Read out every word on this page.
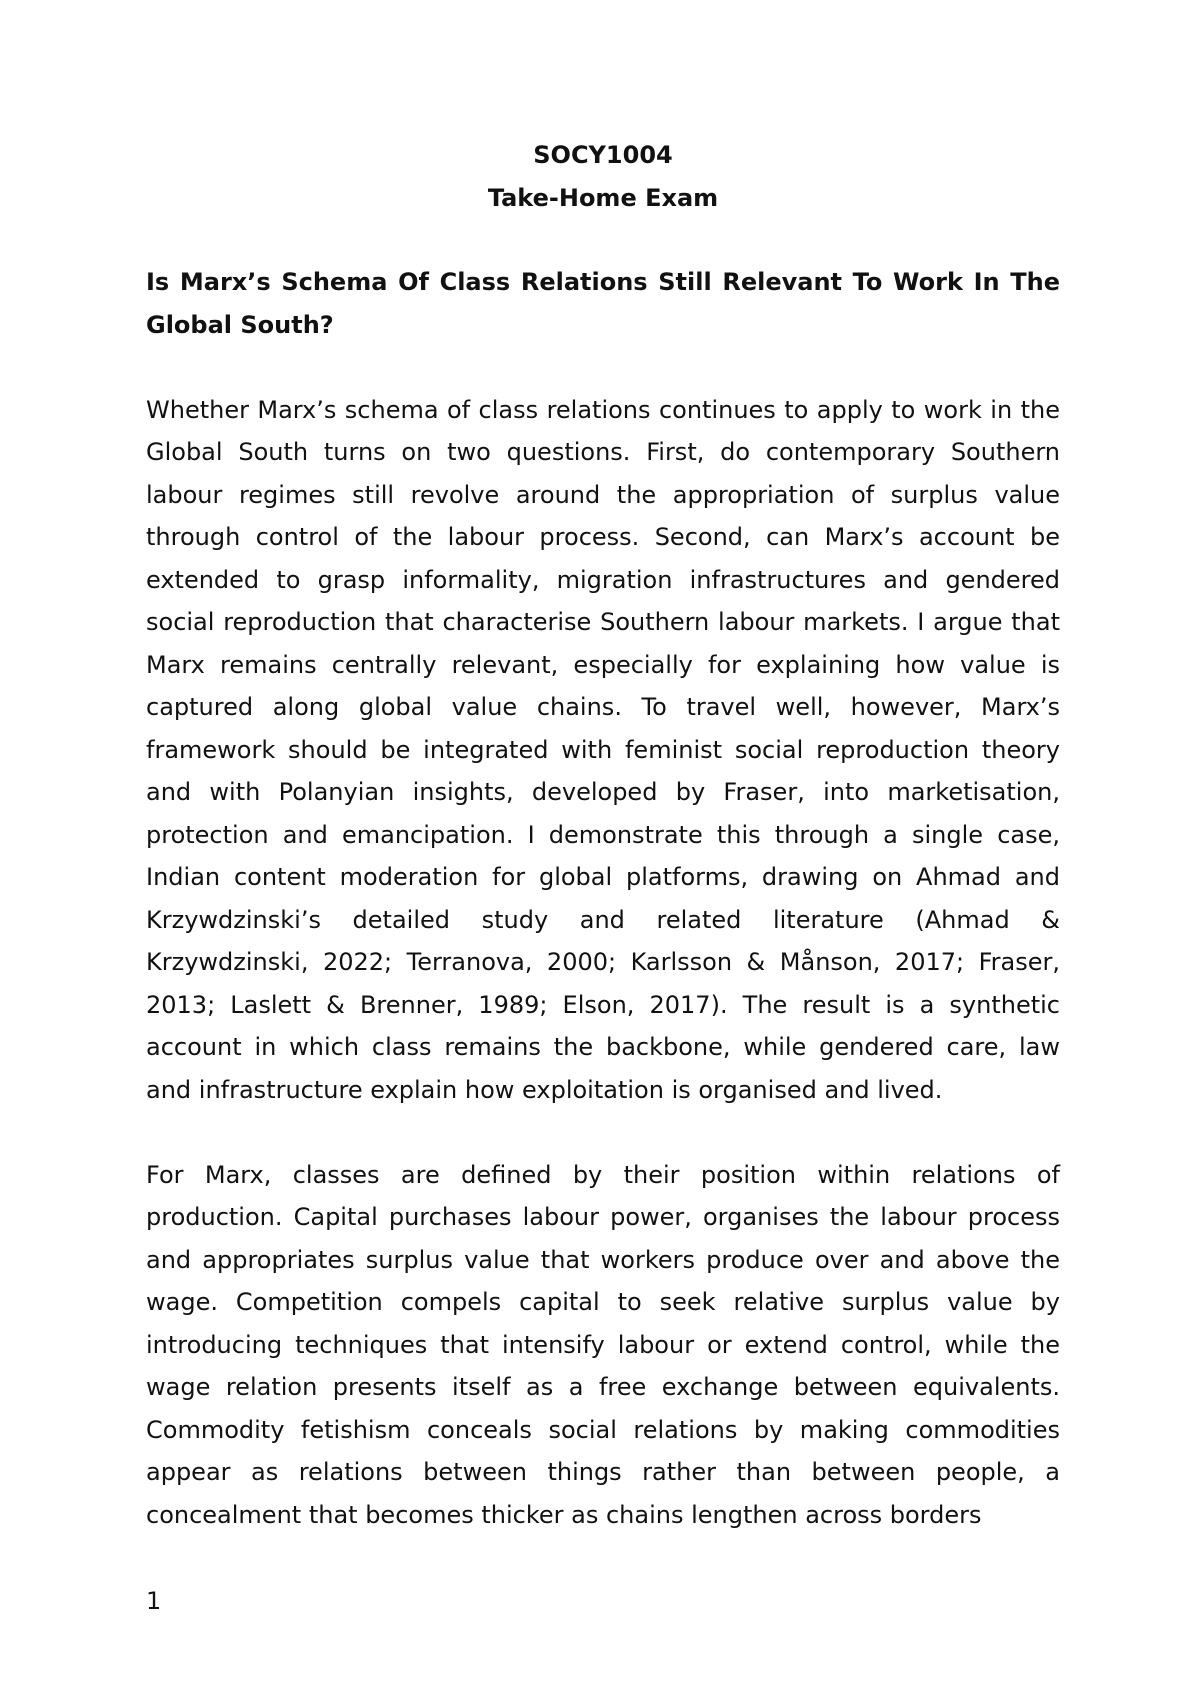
SOCY1004

Take-Home Exam

Is Marx’s Schema Of Class Relations Still Relevant To Work In The Global South?

Whether Marx’s schema of class relations continues to apply to work in the Global South turns on two questions. First, do contemporary Southern labour regimes still revolve around the appropriation of surplus value through control of the labour process. Second, can Marx’s account be extended to grasp informality, migration infrastructures and gendered social reproduction that characterise Southern labour markets. I argue that Marx remains centrally relevant, especially for explaining how value is captured along global value chains. To travel well, however, Marx’s framework should be integrated with feminist social reproduction theory and with Polanyian insights, developed by Fraser, into marketisation, protection and emancipation. I demonstrate this through a single case, Indian content moderation for global platforms, drawing on Ahmad and Krzywdzinski’s detailed study and related literature (Ahmad & Krzywdzinski, 2022; Terranova, 2000; Karlsson & Månson, 2017; Fraser, 2013; Laslett & Brenner, 1989; Elson, 2017). The result is a synthetic account in which class remains the backbone, while gendered care, law and infrastructure explain how exploitation is organised and lived.

For Marx, classes are defined by their position within relations of production. Capital purchases labour power, organises the labour process and appropriates surplus value that workers produce over and above the wage. Competition compels capital to seek relative surplus value by introducing techniques that intensify labour or extend control, while the wage relation presents itself as a free exchange between equivalents. Commodity fetishism conceals social relations by making commodities appear as relations between things rather than between people, a concealment that becomes thicker as chains lengthen across borders

1
